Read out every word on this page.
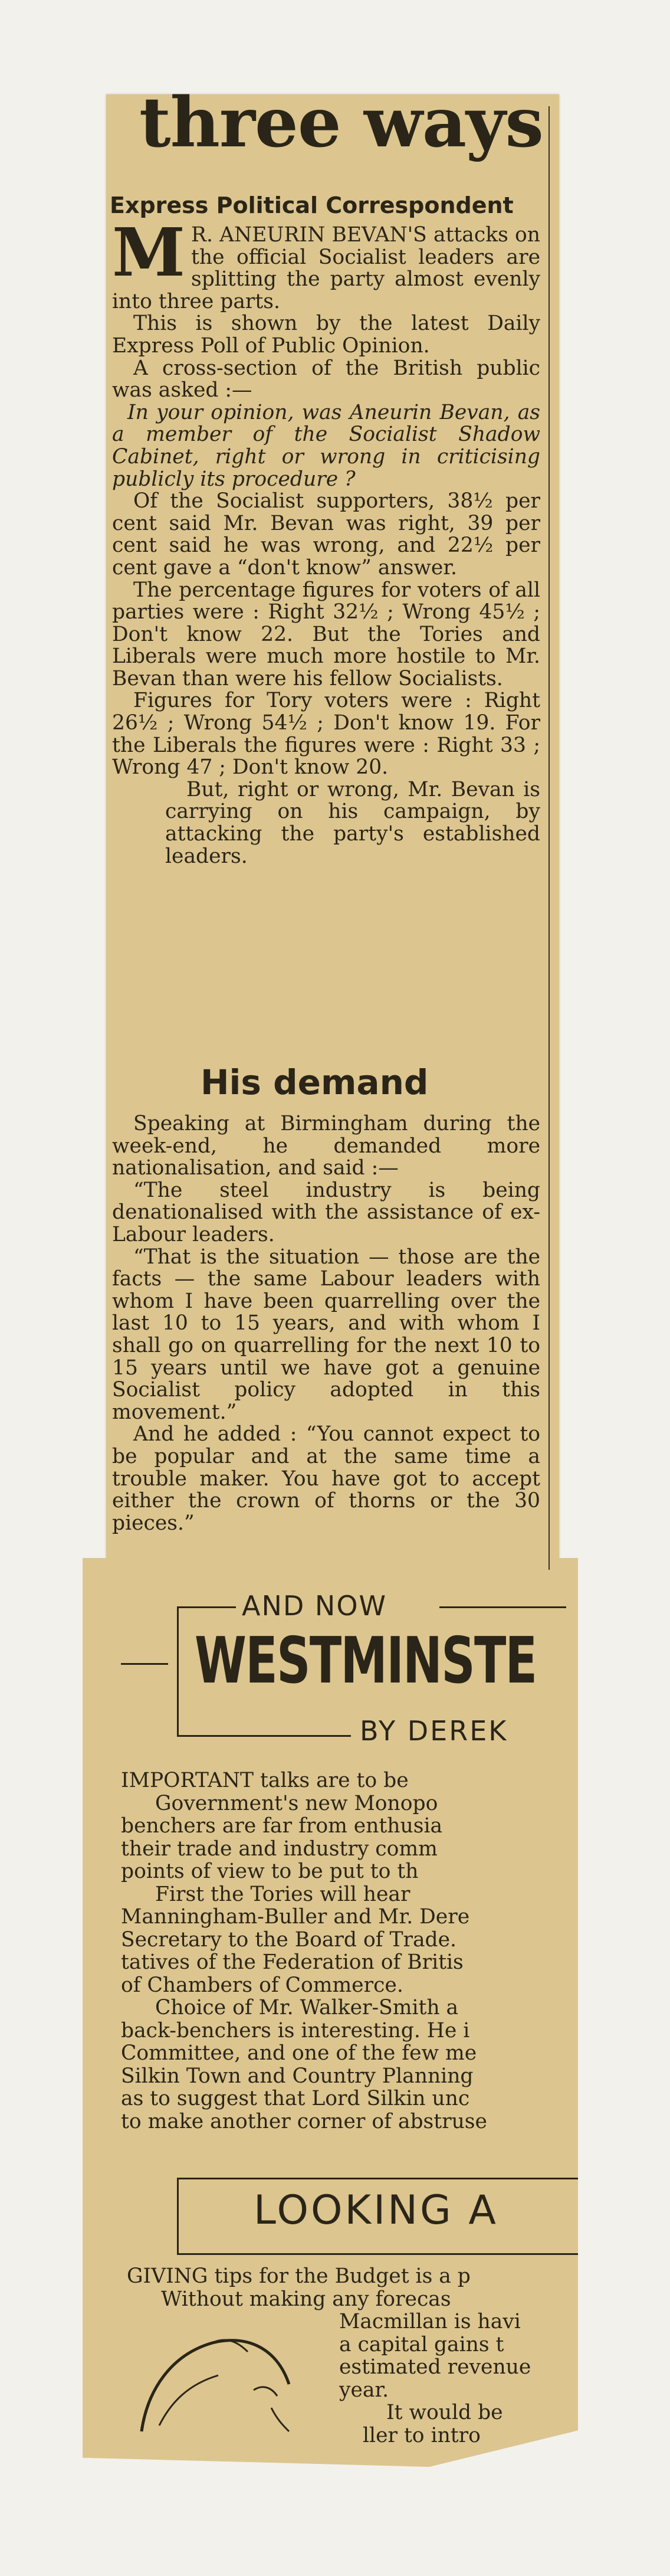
three ways
Express Political Correspondent

M R. ANEURIN BEVAN'S attacks on the official Socialist leaders are splitting the party almost evenly into three parts.

This is shown by the latest Daily Express Poll of Public Opinion.

A cross-section of the British public was asked :—

In your opinion, was Aneurin Bevan, as a member of the Socialist Shadow Cabinet, right or wrong in criticising publicly its procedure ?

Of the Socialist supporters, 38½ per cent said Mr. Bevan was right, 39 per cent said he was wrong, and 22½ per cent gave a “don't know” answer.

The percentage figures for voters of all parties were : Right 32½ ; Wrong 45½ ; Don't know 22. But the Tories and Liberals were much more hostile to Mr. Bevan than were his fellow Socialists.

Figures for Tory voters were : Right 26½ ; Wrong 54½ ; Don't know 19. For the Liberals the figures were : Right 33 ; Wrong 47 ; Don't know 20.

But, right or wrong, Mr. Bevan is carrying on his campaign, by attacking the party's established leaders.

His demand

Speaking at Birmingham during the week-end, he demanded more nationalisation, and said :—

“The steel industry is being denationalised with the assistance of ex-Labour leaders.

“That is the situation — those are the facts — the same Labour leaders with whom I have been quarrelling over the last 10 to 15 years, and with whom I shall go on quarrelling for the next 10 to 15 years until we have got a genuine Socialist policy adopted in this movement.”

And he added : “You cannot expect to be popular and at the same time a trouble maker. You have got to accept either the crown of thorns or the 30 pieces.”

AND NOW
WESTMINSTE
BY DEREK
IMPORTANT talks are to be
Government's new Monopo
benchers are far from enthusia
their trade and industry comm
points of view to be put to th
First the Tories will hear
Manningham-Buller and Mr. Dere
Secretary to the Board of Trade.
tatives of the Federation of Britis
of Chambers of Commerce.
Choice of Mr. Walker-Smith a
back-benchers is interesting. He i
Committee, and one of the few me
Silkin Town and Country Planning
as to suggest that Lord Silkin unc
to make another corner of abstruse
LOOKING A
GIVING tips for the Budget is a p
Without making any forecas
Macmillan is havi
a capital gains t
estimated revenue
year.
It would be
ller to intro
